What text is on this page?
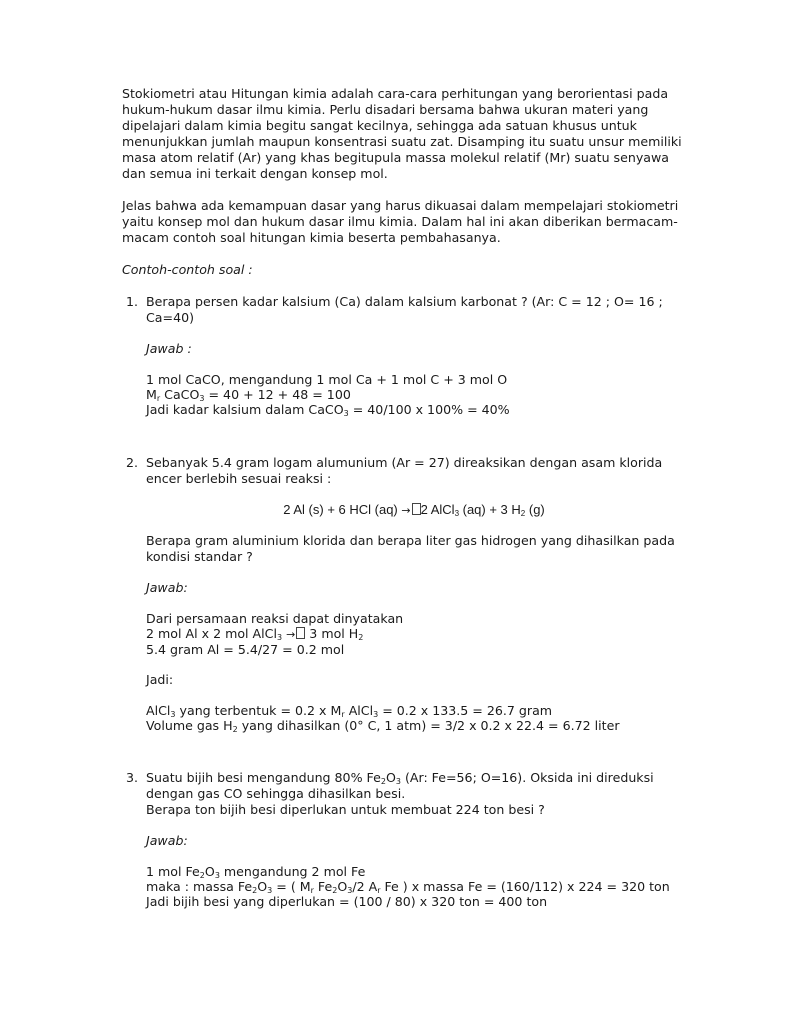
Stokiometri atau Hitungan kimia adalah cara-cara perhitungan yang berorientasi pada hukum-hukum dasar ilmu kimia. Perlu disadari bersama bahwa ukuran materi yang dipelajari dalam kimia begitu sangat kecilnya, sehingga ada satuan khusus untuk menunjukkan jumlah maupun konsentrasi suatu zat. Disamping itu suatu unsur memiliki masa atom relatif (Ar) yang khas begitupula massa molekul relatif (Mr) suatu senyawa dan semua ini terkait dengan konsep mol.

Jelas bahwa ada kemampuan dasar yang harus dikuasai dalam mempelajari stokiometri yaitu konsep mol dan hukum dasar ilmu kimia. Dalam hal ini akan diberikan bermacam-macam contoh soal hitungan kimia beserta pembahasanya.

Contoh-contoh soal :

1. Berapa persen kadar kalsium (Ca) dalam kalsium karbonat ? (Ar: C = 12 ; O= 16 ; Ca=40)

Jawab :

1 mol CaCO, mengandung 1 mol Ca + 1 mol C + 3 mol O

$M_r$ CaCO$_3$ = 40 + 12 + 48 = 100

Jadi kadar kalsium dalam CaCO$_3$ = 40/100 x 100% = 40%

2. Sebanyak 5.4 gram logam alumunium (Ar = 27) direaksikan dengan asam klorida encer berlebih sesuai reaksi :

2 Al (s) + 6 HCl (aq) → 2 AlCl$_3$ (aq) + 3 $H_2$ (g)

Berapa gram aluminium klorida dan berapa liter gas hidrogen yang dihasilkan pada kondisi standar ?

Jawab:

Dari persamaan reaksi dapat dinyatakan

2 mol Al x 2 mol AlCl$_3$ → 3 mol $H_2$

5.4 gram Al = 5.4/27 = 0.2 mol

Jadi:

AlCl$_3$ yang terbentuk = 0.2 x $M_r$ AlCl$_3$ = 0.2 x 133.5 = 26.7 gram

Volume gas $H_2$ yang dihasilkan (0° C, 1 atm) = 3/2 x 0.2 x 22.4 = 6.72 liter

3. Suatu bijih besi mengandung 80% $Fe_2O_3$ (Ar: Fe=56; O=16). Oksida ini direduksi

dengan gas CO sehingga dihasilkan besi.

Berapa ton bijih besi diperlukan untuk membuat 224 ton besi ?

Jawab:

1 mol $Fe_2O_3$ mengandung 2 mol Fe

maka : massa $Fe_2O_3$ = ( $M_r$ $Fe_2O_3/2$ $A_r$ Fe ) x massa Fe = (160/112) x 224 = 320 ton

Jadi bijih besi yang diperlukan = (100 / 80) x 320 ton = 400 ton
